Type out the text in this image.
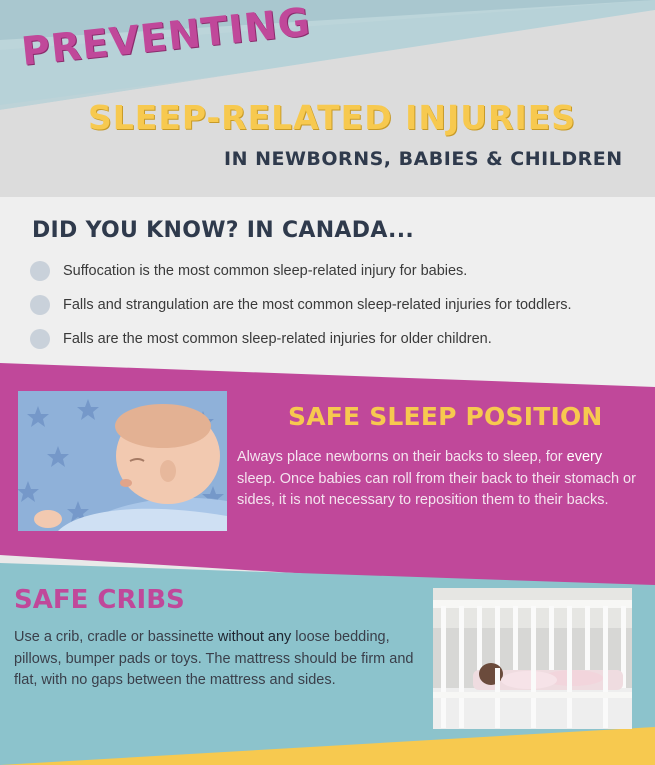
PREVENTING
SLEEP-RELATED INJURIES
IN NEWBORNS, BABIES & CHILDREN
DID YOU KNOW? IN CANADA...
Suffocation is the most common sleep-related injury for babies.
Falls and strangulation are the most common sleep-related injuries for toddlers.
Falls are the most common sleep-related injuries for older children.
SAFE SLEEP POSITION
Always place newborns on their backs to sleep, for every sleep. Once babies can roll from their back to their stomach or sides, it is not necessary to reposition them to their backs.
SAFE CRIBS
Use a crib, cradle or bassinette without any loose bedding, pillows, bumper pads or toys. The mattress should be firm and flat, with no gaps between the mattress and sides.
